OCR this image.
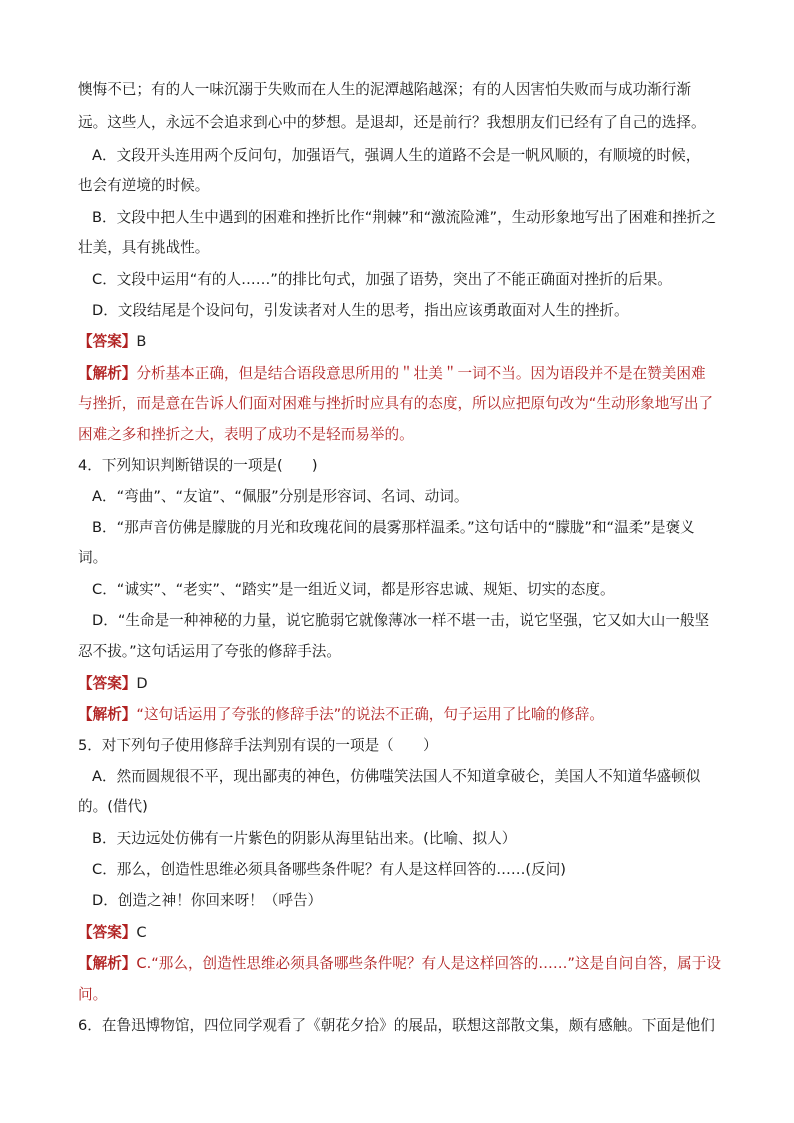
懊悔不已；有的人一味沉溺于失败而在人生的泥潭越陷越深；有的人因害怕失败而与成功渐行渐
远。这些人，永远不会追求到心中的梦想。是退却，还是前行？我想朋友们已经有了自己的选择。
A．文段开头连用两个反问句，加强语气，强调人生的道路不会是一帆风顺的，有顺境的时候，
也会有逆境的时候。
B．文段中把人生中遇到的困难和挫折比作“荆棘”和“激流险滩”，生动形象地写出了困难和挫折之
壮美，具有挑战性。
C．文段中运用“有的人……”的排比句式，加强了语势，突出了不能正确面对挫折的后果。
D．文段结尾是个设问句，引发读者对人生的思考，指出应该勇敢面对人生的挫折。
【答案】B
【解析】分析基本正确，但是结合语段意思所用的＂壮美＂一词不当。因为语段并不是在赞美困难
与挫折，而是意在告诉人们面对困难与挫折时应具有的态度，所以应把原句改为“生动形象地写出了
困难之多和挫折之大，表明了成功不是轻而易举的。
4．下列知识判断错误的一项是(　　)
A．“弯曲”、“友谊”、“佩服”分别是形容词、名词、动词。
B．“那声音仿佛是朦胧的月光和玫瑰花间的晨雾那样温柔。”这句话中的“朦胧”和“温柔”是褒义
词。
C．“诚实”、“老实”、“踏实”是一组近义词，都是形容忠诚、规矩、切实的态度。
D．“生命是一种神秘的力量，说它脆弱它就像薄冰一样不堪一击，说它坚强，它又如大山一般坚
忍不拔。”这句话运用了夸张的修辞手法。
【答案】D
【解析】“这句话运用了夸张的修辞手法”的说法不正确，句子运用了比喻的修辞。
5．对下列句子使用修辞手法判别有误的一项是（　　）
A．然而圆规很不平，现出鄙夷的神色，仿佛嗤笑法国人不知道拿破仑，美国人不知道华盛顿似
的。(借代)
B．天边远处仿佛有一片紫色的阴影从海里钻出来。(比喻、拟人）
C．那么，创造性思维必须具备哪些条件呢？有人是这样回答的……(反问)
D．创造之神！你回来呀！（呼告）
【答案】C
【解析】C.“那么，创造性思维必须具备哪些条件呢？有人是这样回答的……”这是自问自答，属于设
问。
6．在鲁迅博物馆，四位同学观看了《朝花夕拾》的展品，联想这部散文集，颇有感触。下面是他们
